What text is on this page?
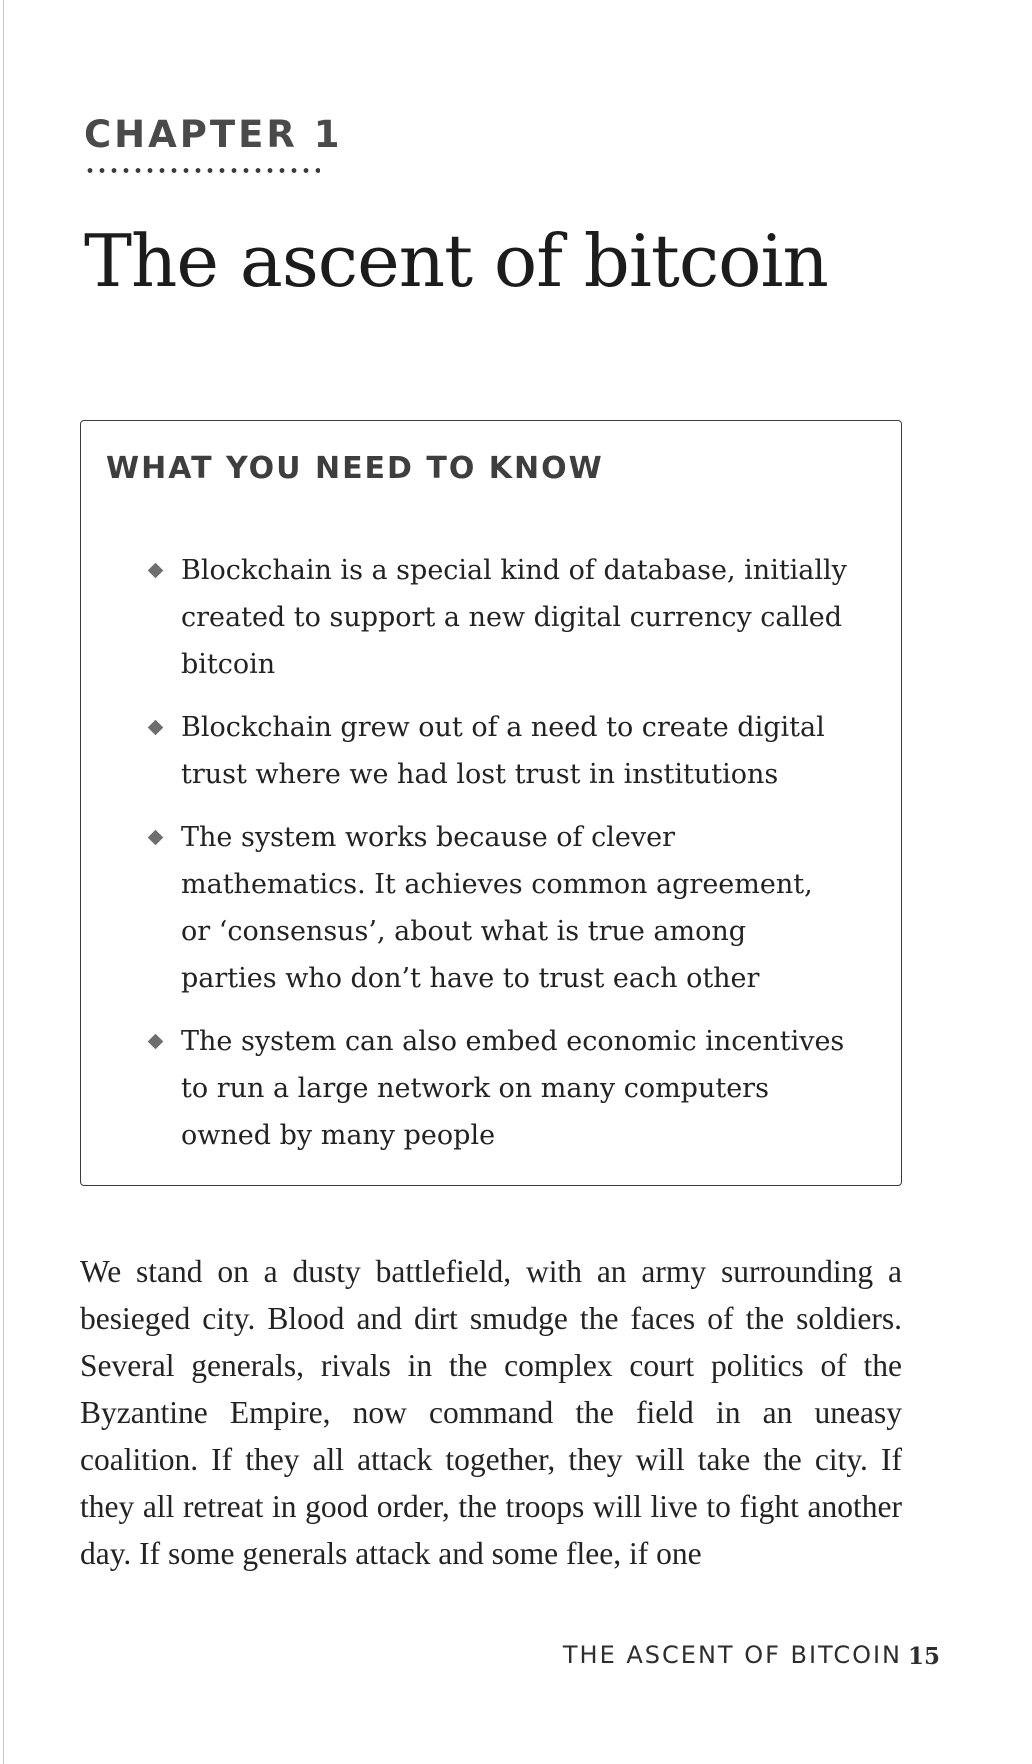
CHAPTER 1
The ascent of bitcoin
WHAT YOU NEED TO KNOW
Blockchain is a special kind of database, initially created to support a new digital currency called bitcoin
Blockchain grew out of a need to create digital trust where we had lost trust in institutions
The system works because of clever mathematics. It achieves common agreement, or ‘consensus’, about what is true among parties who don’t have to trust each other
The system can also embed economic incentives to run a large network on many computers owned by many people

We stand on a dusty battlefield, with an army surrounding a besieged city. Blood and dirt smudge the faces of the soldiers. Several generals, rivals in the complex court politics of the Byzantine Empire, now command the field in an uneasy coalition. If they all attack together, they will take the city. If they all retreat in good order, the troops will live to fight another day. If some generals attack and some flee, if one

THE ASCENT OF BITCOIN 15
